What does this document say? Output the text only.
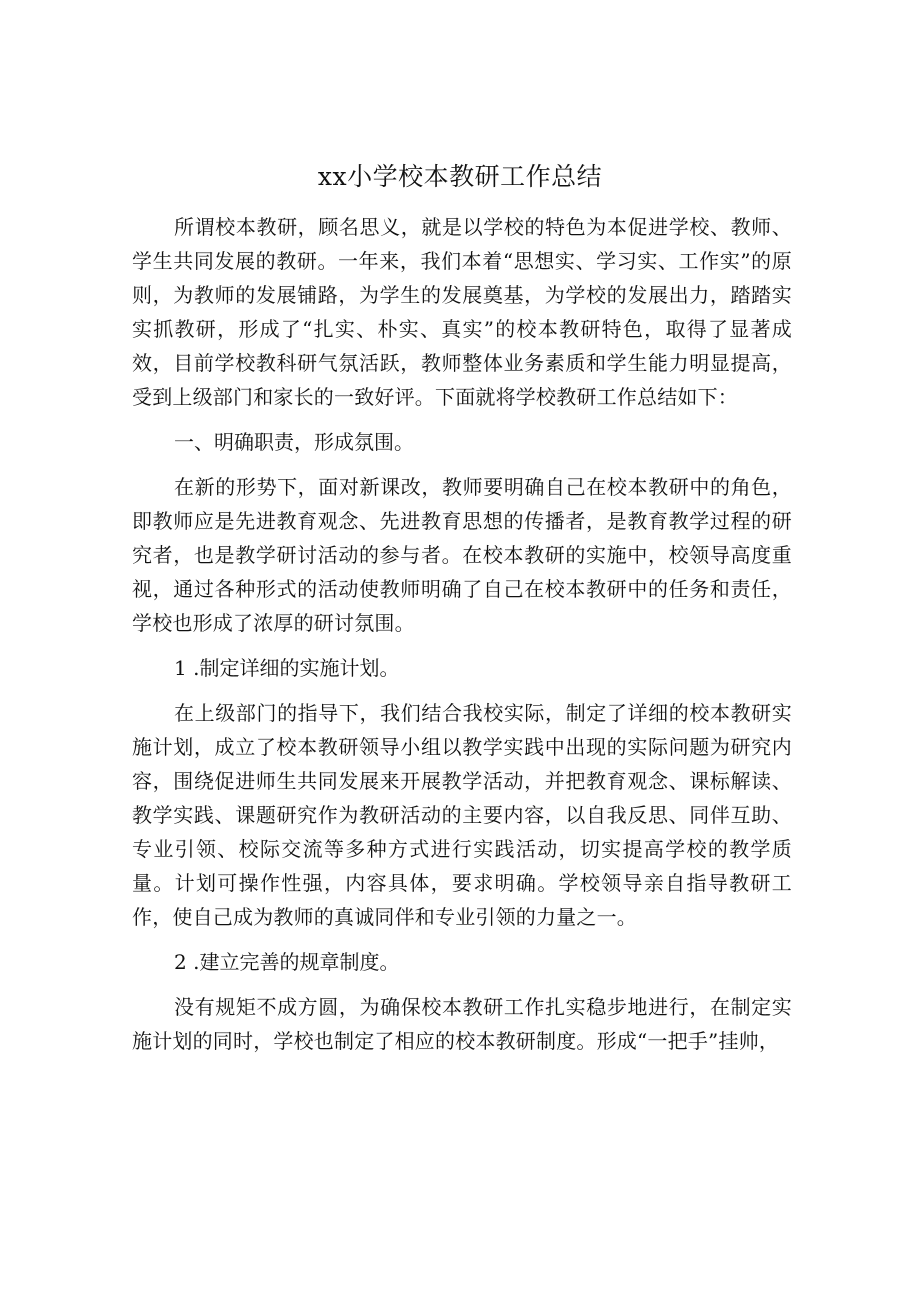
xx小学校本教研工作总结

所谓校本教研，顾名思义，就是以学校的特色为本促进学校、教师、学生共同发展的教研。一年来，我们本着“思想实、学习实、工作实”的原则，为教师的发展铺路，为学生的发展奠基，为学校的发展出力，踏踏实实抓教研，形成了“扎实、朴实、真实”的校本教研特色，取得了显著成效，目前学校教科研气氛活跃，教师整体业务素质和学生能力明显提高，受到上级部门和家长的一致好评。下面就将学校教研工作总结如下：

一、明确职责，形成氛围。

在新的形势下，面对新课改，教师要明确自己在校本教研中的角色，即教师应是先进教育观念、先进教育思想的传播者，是教育教学过程的研究者，也是教学研讨活动的参与者。在校本教研的实施中，校领导高度重视，通过各种形式的活动使教师明确了自己在校本教研中的任务和责任，学校也形成了浓厚的研讨氛围。

1 .制定详细的实施计划。

在上级部门的指导下，我们结合我校实际，制定了详细的校本教研实施计划，成立了校本教研领导小组以教学实践中出现的实际问题为研究内容，围绕促进师生共同发展来开展教学活动，并把教育观念、课标解读、教学实践、课题研究作为教研活动的主要内容，以自我反思、同伴互助、专业引领、校际交流等多种方式进行实践活动，切实提高学校的教学质量。计划可操作性强，内容具体，要求明确。学校领导亲自指导教研工作，使自己成为教师的真诚同伴和专业引领的力量之一。

2 .建立完善的规章制度。

没有规矩不成方圆，为确保校本教研工作扎实稳步地进行，在制定实施计划的同时，学校也制定了相应的校本教研制度。形成“一把手”挂帅，
